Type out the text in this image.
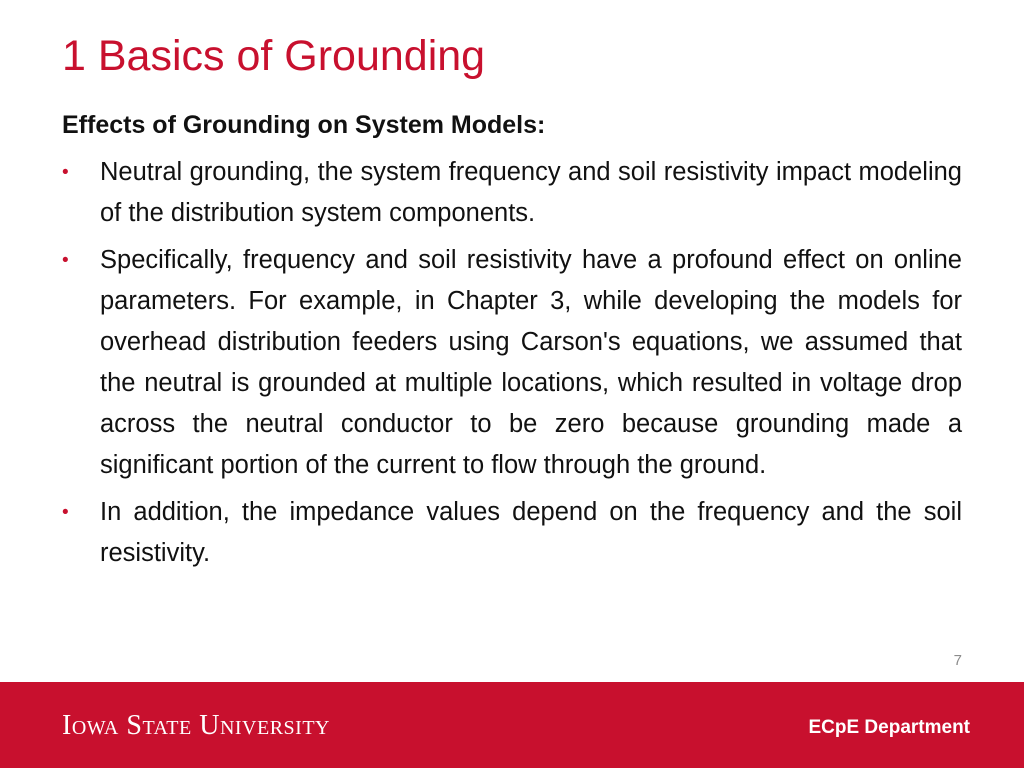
1 Basics of Grounding
Effects of Grounding on System Models:
• Neutral grounding, the system frequency and soil resistivity impact modeling of the distribution system components.
• Specifically, frequency and soil resistivity have a profound effect on online parameters. For example, in Chapter 3, while developing the models for overhead distribution feeders using Carson's equations, we assumed that the neutral is grounded at multiple locations, which resulted in voltage drop across the neutral conductor to be zero because grounding made a significant portion of the current to flow through the ground.
• In addition, the impedance values depend on the frequency and the soil resistivity.
7
Iowa State University	ECpE Department
